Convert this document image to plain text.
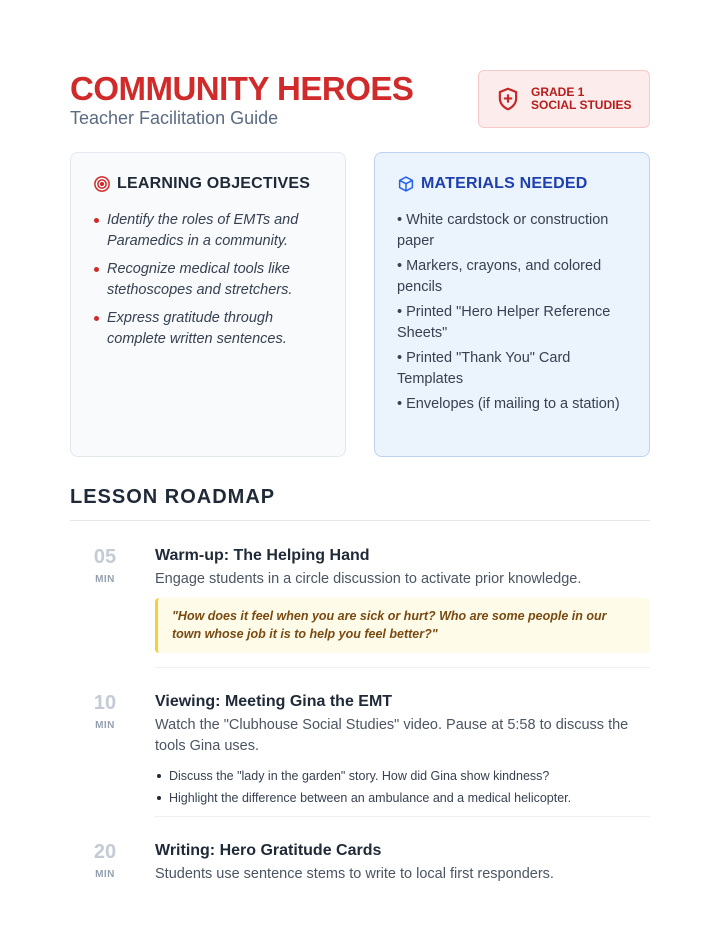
COMMUNITY HEROES
Teacher Facilitation Guide
GRADE 1
SOCIAL STUDIES
LEARNING OBJECTIVES
Identify the roles of EMTs and Paramedics in a community.
Recognize medical tools like stethoscopes and stretchers.
Express gratitude through complete written sentences.
MATERIALS NEEDED
• White cardstock or construction paper
• Markers, crayons, and colored pencils
• Printed "Hero Helper Reference Sheets"
• Printed "Thank You" Card Templates
• Envelopes (if mailing to a station)
LESSON ROADMAP
05
MIN
Warm-up: The Helping Hand
Engage students in a circle discussion to activate prior knowledge.
"How does it feel when you are sick or hurt? Who are some people in our town whose job it is to help you feel better?"
10
MIN
Viewing: Meeting Gina the EMT
Watch the "Clubhouse Social Studies" video. Pause at 5:58 to discuss the tools Gina uses.
Discuss the "lady in the garden" story. How did Gina show kindness?
Highlight the difference between an ambulance and a medical helicopter.
20
MIN
Writing: Hero Gratitude Cards
Students use sentence stems to write to local first responders.
